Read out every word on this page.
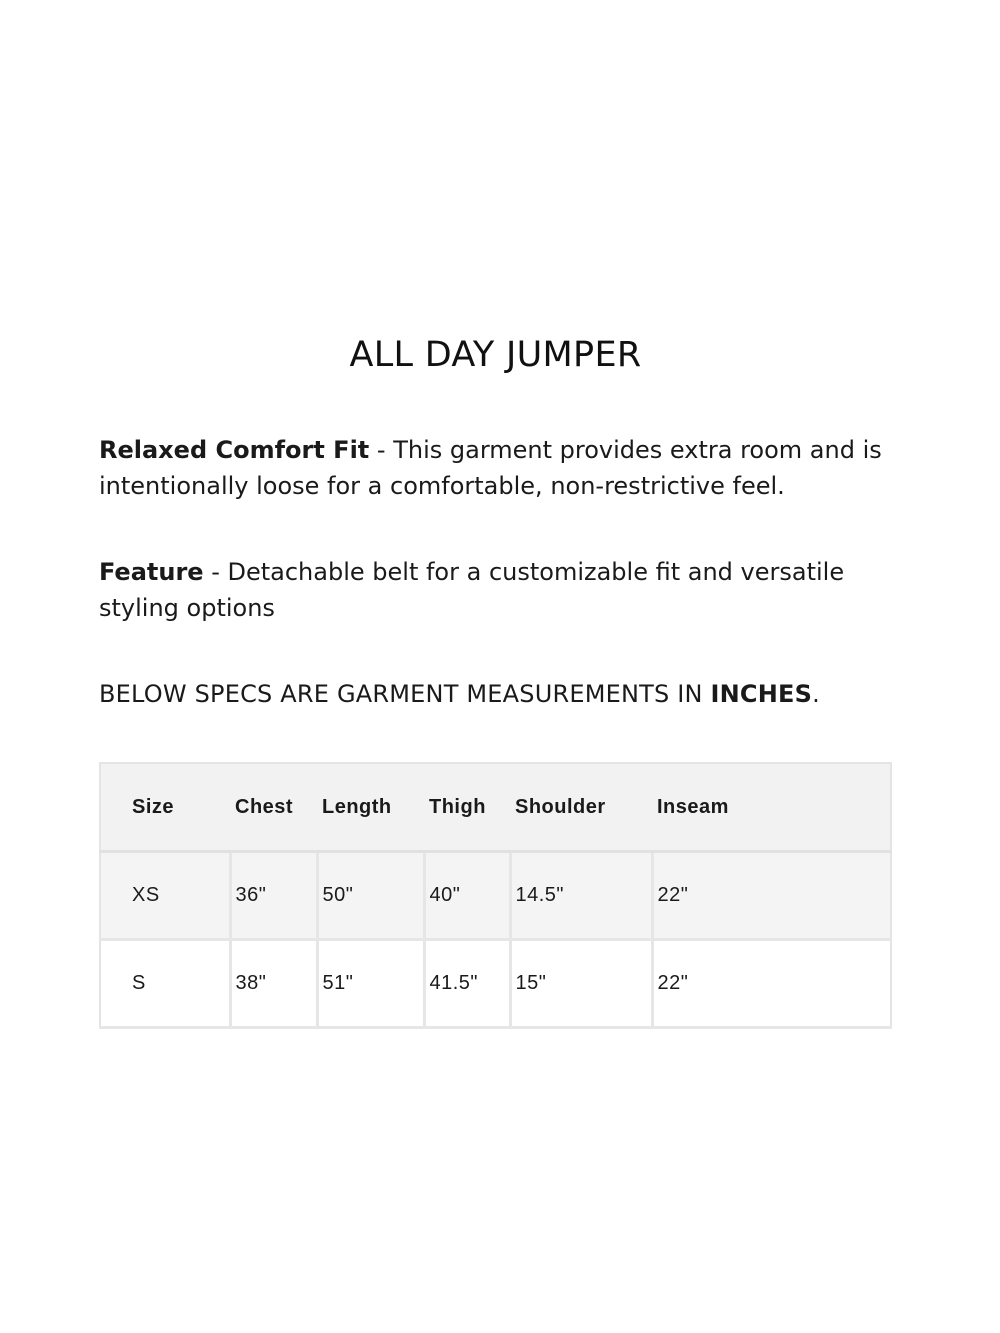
ALL DAY JUMPER

Relaxed Comfort Fit - This garment provides extra room and is intentionally loose for a comfortable, non-restrictive feel.

Feature - Detachable belt for a customizable fit and versatile styling options

BELOW SPECS ARE GARMENT MEASUREMENTS IN INCHES.

Size	Chest	Length	Thigh	Shoulder	Inseam
XS	36"	50"	40"	14.5"	22"
S	38"	51"	41.5"	15"	22"
